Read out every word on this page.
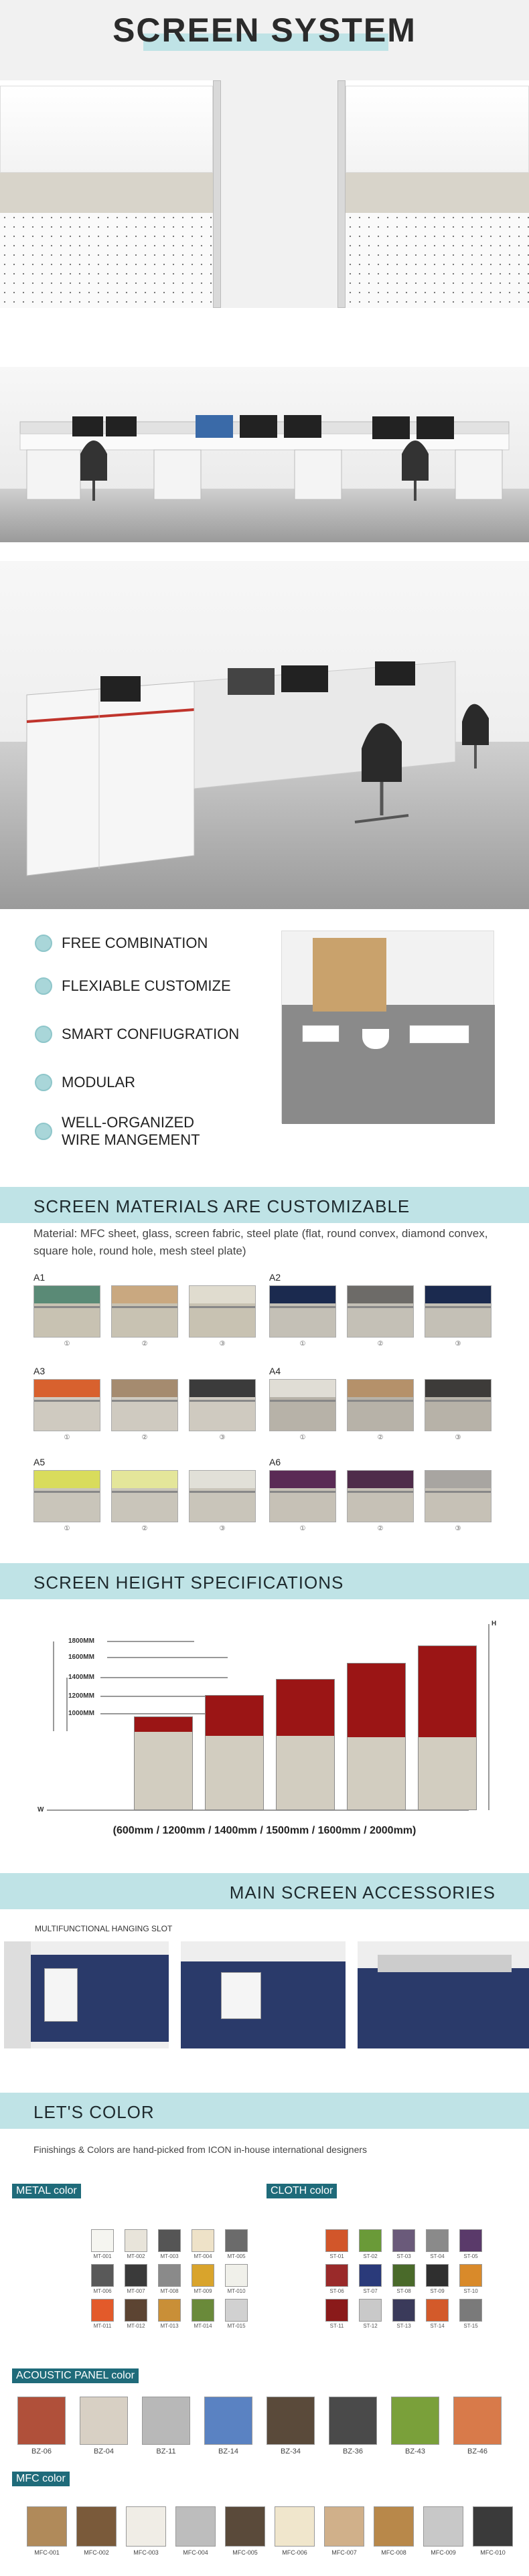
SCREEN SYSTEM
FREE COMBINATION
FLEXIABLE CUSTOMIZE
SMART CONFIUGRATION
MODULAR
WELL-ORGANIZED
WIRE MANGEMENT
SCREEN MATERIALS ARE CUSTOMIZABLE
Material: MFC sheet, glass, screen fabric, steel plate (flat, round convex, diamond convex, square hole, round hole, mesh steel plate)
A1
①	②	③
A2
①	②	③
A3
①	②	③
A4
①	②	③
A5
①	②	③
A6
①	②	③
SCREEN HEIGHT SPECIFICATIONS
1800MM
1600MM
1400MM
1200MM
1000MM
H
W
(600mm / 1200mm / 1400mm / 1500mm / 1600mm / 2000mm)
MAIN SCREEN ACCESSORIES
MULTIFUNCTIONAL HANGING SLOT
LET'S COLOR
Finishings & Colors are hand-picked from ICON in-house international designers
METAL color	CLOTH color
ACOUSTIC PANEL color
MFC color
MT-001	MT-002	MT-003	MT-004	MT-005
MT-006	MT-007	MT-008	MT-009	MT-010
MT-011	MT-012	MT-013	MT-014	MT-015
ST-01	ST-02	ST-03	ST-04	ST-05
ST-06	ST-07	ST-08	ST-09	ST-10
ST-11	ST-12	ST-13	ST-14	ST-15
BZ-06	BZ-04	BZ-11	BZ-14	BZ-34	BZ-36	BZ-43	BZ-46
MFC-001	MFC-002	MFC-003	MFC-004	MFC-005	MFC-006	MFC-007	MFC-008	MFC-009	MFC-010
